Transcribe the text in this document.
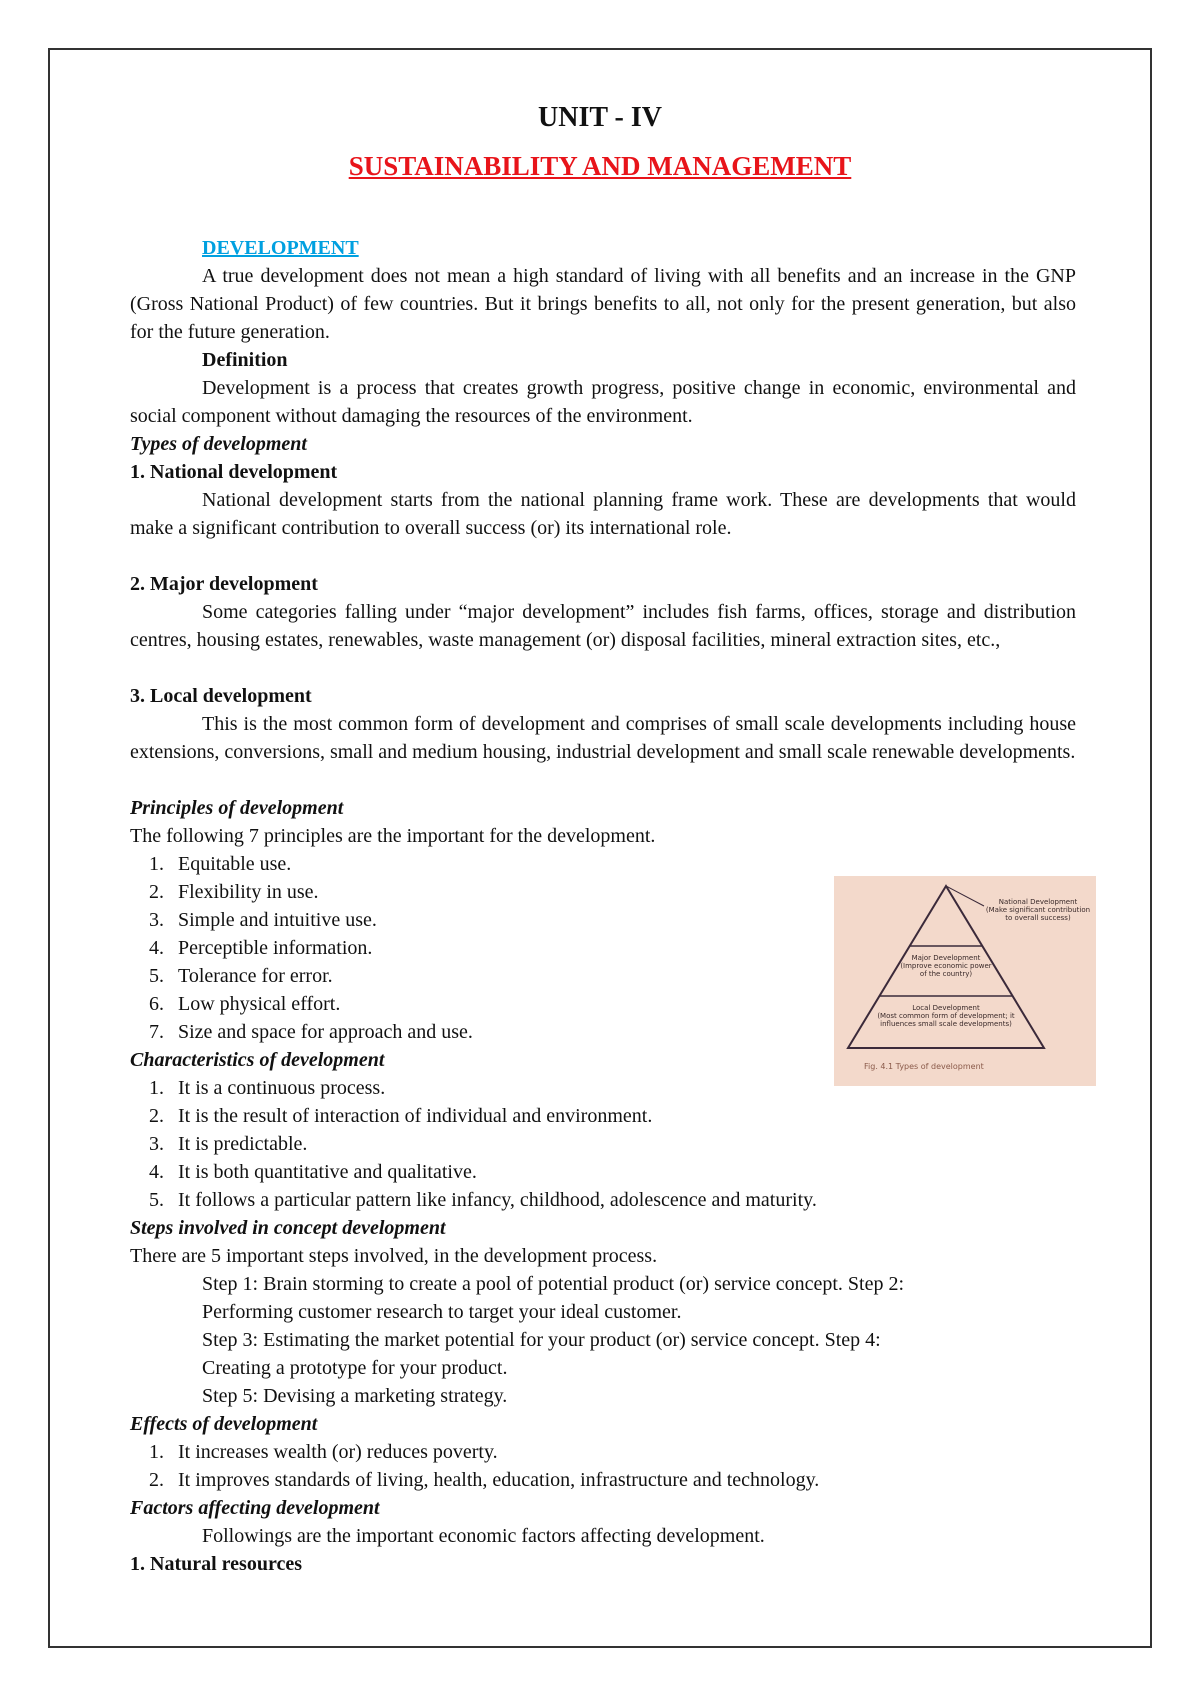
UNIT - IV
SUSTAINABILITY AND MANAGEMENT
DEVELOPMENT
A true development does not mean a high standard of living with all benefits and an increase in the GNP (Gross National Product) of few countries. But it brings benefits to all, not only for the present generation, but also for the future generation.
Definition
Development is a process that creates growth progress, positive change in economic, environmental and social component without damaging the resources of the environment.
Types of development
1. National development
National development starts from the national planning frame work. These are developments that would make a significant contribution to overall success (or) its international role.
2. Major development
Some categories falling under “major development” includes fish farms, offices, storage and distribution centres, housing estates, renewables, waste management (or) disposal facilities, mineral extraction sites, etc.,
3. Local development
This is the most common form of development and comprises of small scale developments including house extensions, conversions, small and medium housing, industrial development and small scale renewable developments.
Principles of development
The following 7 principles are the important for the development.
1. Equitable use.
2. Flexibility in use.
3. Simple and intuitive use.
4. Perceptible information.
5. Tolerance for error.
6. Low physical effort.
7. Size and space for approach and use.
National Development
(Make significant contribution to overall success)
Major Development
(Improve economic power of the country)
Local Development
(Most common form of development; it influences small scale developments)
Fig. 4.1 Types of development
Characteristics of development
1. It is a continuous process.
2. It is the result of interaction of individual and environment.
3. It is predictable.
4. It is both quantitative and qualitative.
5. It follows a particular pattern like infancy, childhood, adolescence and maturity.
Steps involved in concept development
There are 5 important steps involved, in the development process.
Step 1: Brain storming to create a pool of potential product (or) service concept. Step 2:
Performing customer research to target your ideal customer.
Step 3: Estimating the market potential for your product (or) service concept. Step 4:
Creating a prototype for your product.
Step 5: Devising a marketing strategy.
Effects of development
1. It increases wealth (or) reduces poverty.
2. It improves standards of living, health, education, infrastructure and technology.
Factors affecting development
Followings are the important economic factors affecting development.
1. Natural resources
